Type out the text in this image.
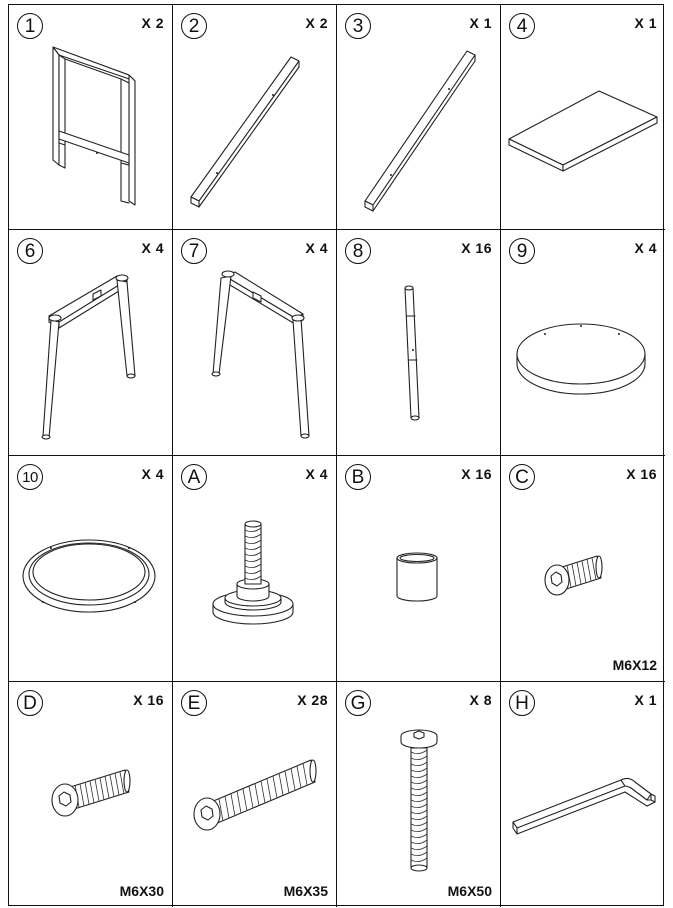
1	X 2	2	X 2	3	X 1	4	X 1
6	X 4	7	X 4	8	X 16	9	X 4
10	X 4	A	X 4	B	X 16	C	X 16
M6X12
D	X 16
M6X30
E	X 28
M6X35
G	X 8
M6X50
H	X 1
